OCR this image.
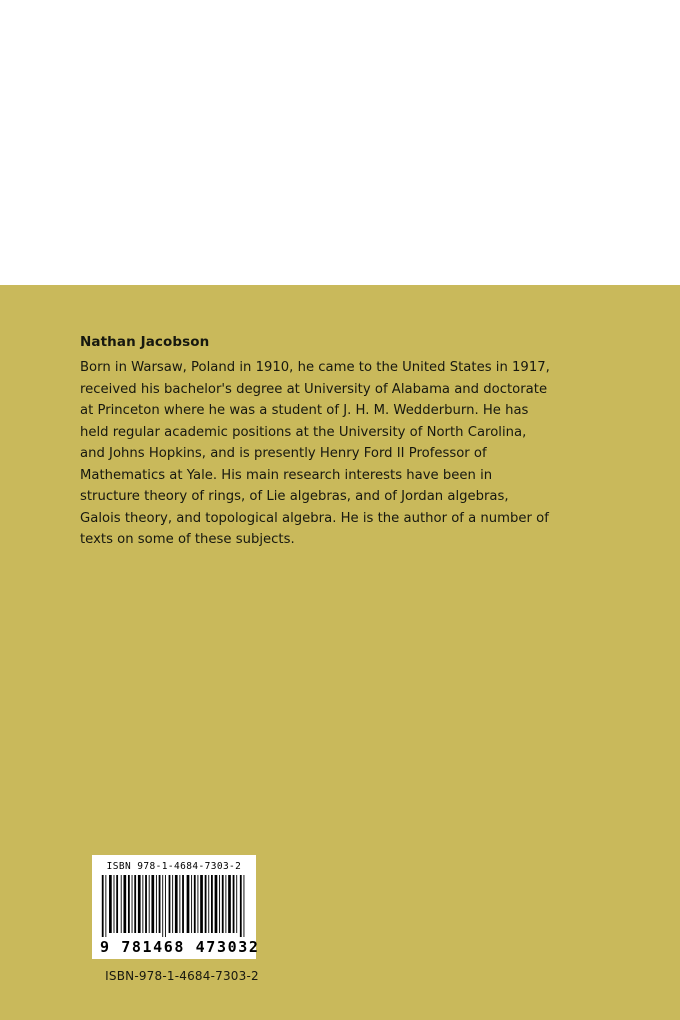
Nathan Jacobson

Born in Warsaw, Poland in 1910, he came to the United States in 1917, received his bachelor's degree at University of Alabama and doctorate at Princeton where he was a student of J. H. M. Wedderburn. He has held regular academic positions at the University of North Carolina, and Johns Hopkins, and is presently Henry Ford II Professor of Mathematics at Yale. His main research interests have been in structure theory of rings, of Lie algebras, and of Jordan algebras, Galois theory, and topological algebra. He is the author of a number of texts on some of these subjects.

ISBN 978-1-4684-7303-2
9 781468 473032
ISBN-978-1-4684-7303-2
